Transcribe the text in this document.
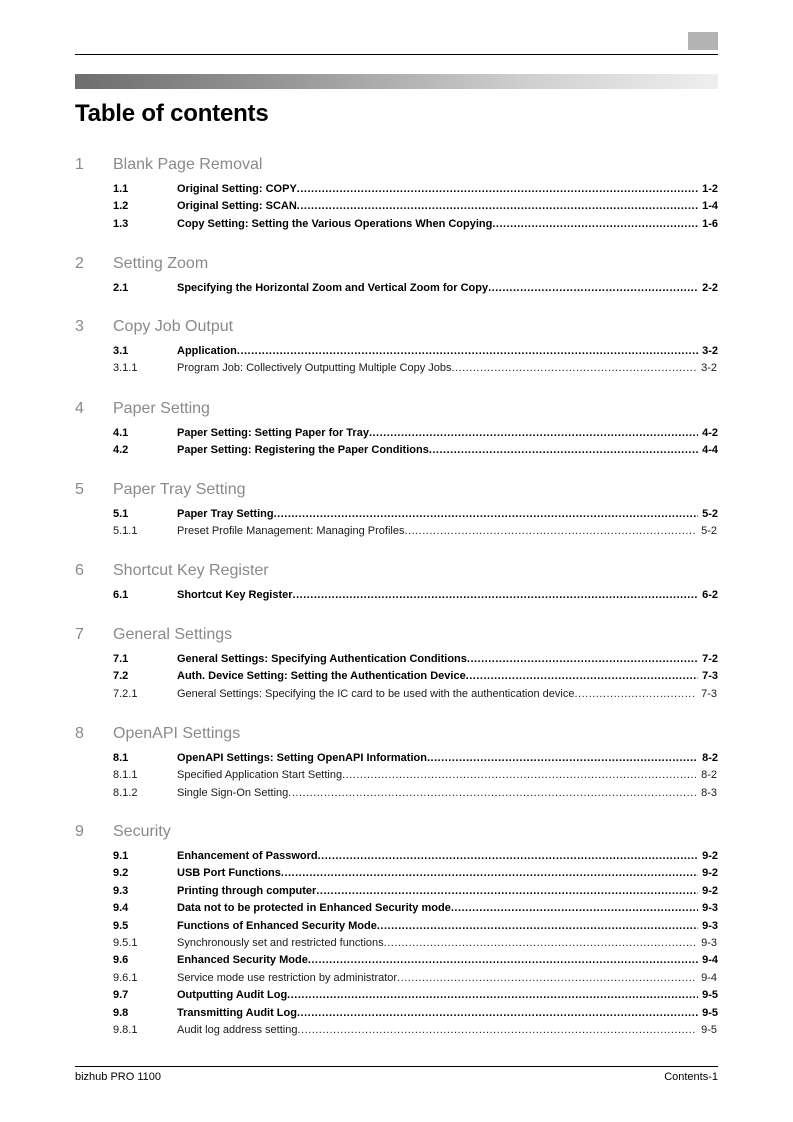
Table of contents
1 Blank Page Removal
1.1	Original Setting: COPY .....	1-2
1.2	Original Setting: SCAN .....	1-4
1.3	Copy Setting: Setting the Various Operations When Copying .....	1-6
2 Setting Zoom
2.1	Specifying the Horizontal Zoom and Vertical Zoom for Copy .....	2-2
3 Copy Job Output
3.1	Application .....	3-2
3.1.1	Program Job: Collectively Outputting Multiple Copy Jobs .....	3-2
4 Paper Setting
4.1	Paper Setting: Setting Paper for Tray .....	4-2
4.2	Paper Setting: Registering the Paper Conditions .....	4-4
5 Paper Tray Setting
5.1	Paper Tray Setting .....	5-2
5.1.1	Preset Profile Management: Managing Profiles .....	5-2
6 Shortcut Key Register
6.1	Shortcut Key Register .....	6-2
7 General Settings
7.1	General Settings: Specifying Authentication Conditions .....	7-2
7.2	Auth. Device Setting: Setting the Authentication Device .....	7-3
7.2.1	General Settings: Specifying the IC card to be used with the authentication device .....	7-3
8 OpenAPI Settings
8.1	OpenAPI Settings: Setting OpenAPI Information .....	8-2
8.1.1	Specified Application Start Setting .....	8-2
8.1.2	Single Sign-On Setting .....	8-3
9 Security
9.1	Enhancement of Password .....	9-2
9.2	USB Port Functions .....	9-2
9.3	Printing through computer .....	9-2
9.4	Data not to be protected in Enhanced Security mode .....	9-3
9.5	Functions of Enhanced Security Mode .....	9-3
9.5.1	Synchronously set and restricted functions .....	9-3
9.6	Enhanced Security Mode .....	9-4
9.6.1	Service mode use restriction by administrator .....	9-4
9.7	Outputting Audit Log .....	9-5
9.8	Transmitting Audit Log .....	9-5
9.8.1	Audit log address setting .....	9-5
bizhub PRO 1100	Contents-1
